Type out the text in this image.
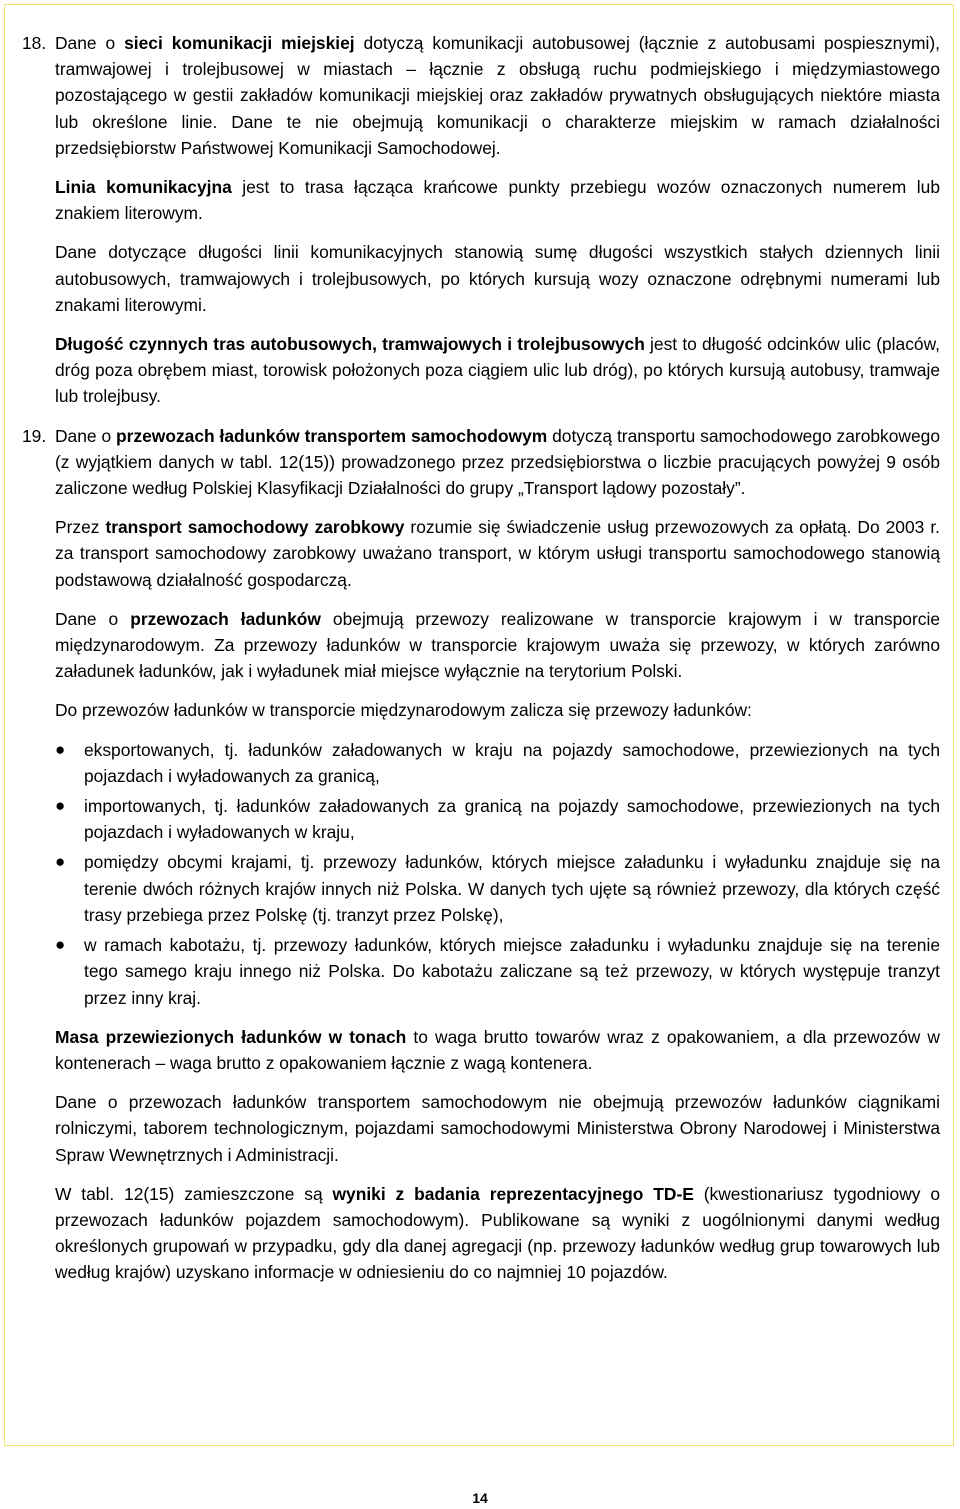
18. Dane o sieci komunikacji miejskiej dotyczą komunikacji autobusowej (łącznie z autobusami pospiesznymi), tramwajowej i trolejbusowej w miastach – łącznie z obsługą ruchu podmiejskiego i międzymiastowego pozostającego w gestii zakładów komunikacji miejskiej oraz zakładów prywatnych obsługujących niektóre miasta lub określone linie. Dane te nie obejmują komunikacji o charakterze miejskim w ramach działalności przedsiębiorstw Państwowej Komunikacji Samochodowej.

Linia komunikacyjna jest to trasa łącząca krańcowe punkty przebiegu wozów oznaczonych numerem lub znakiem literowym.

Dane dotyczące długości linii komunikacyjnych stanowią sumę długości wszystkich stałych dziennych linii autobusowych, tramwajowych i trolejbusowych, po których kursują wozy oznaczone odrębnymi numerami lub znakami literowymi.

Długość czynnych tras autobusowych, tramwajowych i trolejbusowych jest to długość odcinków ulic (placów, dróg poza obrębem miast, torowisk położonych poza ciągiem ulic lub dróg), po których kursują autobusy, tramwaje lub trolejbusy.

19. Dane o przewozach ładunków transportem samochodowym dotyczą transportu samochodowego zarobkowego (z wyjątkiem danych w tabl. 12(15)) prowadzonego przez przedsiębiorstwa o liczbie pracujących powyżej 9 osób zaliczone według Polskiej Klasyfikacji Działalności do grupy „Transport lądowy pozostały”.

Przez transport samochodowy zarobkowy rozumie się świadczenie usług przewozowych za opłatą. Do 2003 r. za transport samochodowy zarobkowy uważano transport, w którym usługi transportu samochodowego stanowią podstawową działalność gospodarczą.

Dane o przewozach ładunków obejmują przewozy realizowane w transporcie krajowym i w transporcie międzynarodowym. Za przewozy ładunków w transporcie krajowym uważa się przewozy, w których zarówno załadunek ładunków, jak i wyładunek miał miejsce wyłącznie na terytorium Polski.

Do przewozów ładunków w transporcie międzynarodowym zalicza się przewozy ładunków:

● eksportowanych, tj. ładunków załadowanych w kraju na pojazdy samochodowe, przewiezionych na tych pojazdach i wyładowanych za granicą,
● importowanych, tj. ładunków załadowanych za granicą na pojazdy samochodowe, przewiezionych na tych pojazdach i wyładowanych w kraju,
● pomiędzy obcymi krajami, tj. przewozy ładunków, których miejsce załadunku i wyładunku znajduje się na terenie dwóch różnych krajów innych niż Polska. W danych tych ujęte są również przewozy, dla których część trasy przebiega przez Polskę (tj. tranzyt przez Polskę),
● w ramach kabotażu, tj. przewozy ładunków, których miejsce załadunku i wyładunku znajduje się na terenie tego samego kraju innego niż Polska. Do kabotażu zaliczane są też przewozy, w których występuje tranzyt przez inny kraj.

Masa przewiezionych ładunków w tonach to waga brutto towarów wraz z opakowaniem, a dla przewozów w kontenerach – waga brutto z opakowaniem łącznie z wagą kontenera.

Dane o przewozach ładunków transportem samochodowym nie obejmują przewozów ładunków ciągnikami rolniczymi, taborem technologicznym, pojazdami samochodowymi Ministerstwa Obrony Narodowej i Ministerstwa Spraw Wewnętrznych i Administracji.

W tabl. 12(15) zamieszczone są wyniki z badania reprezentacyjnego TD-E (kwestionariusz tygodniowy o przewozach ładunków pojazdem samochodowym). Publikowane są wyniki z uogólnionymi danymi według określonych grupowań w przypadku, gdy dla danej agregacji (np. przewozy ładunków według grup towarowych lub według krajów) uzyskano informacje w odniesieniu do co najmniej 10 pojazdów.

14
